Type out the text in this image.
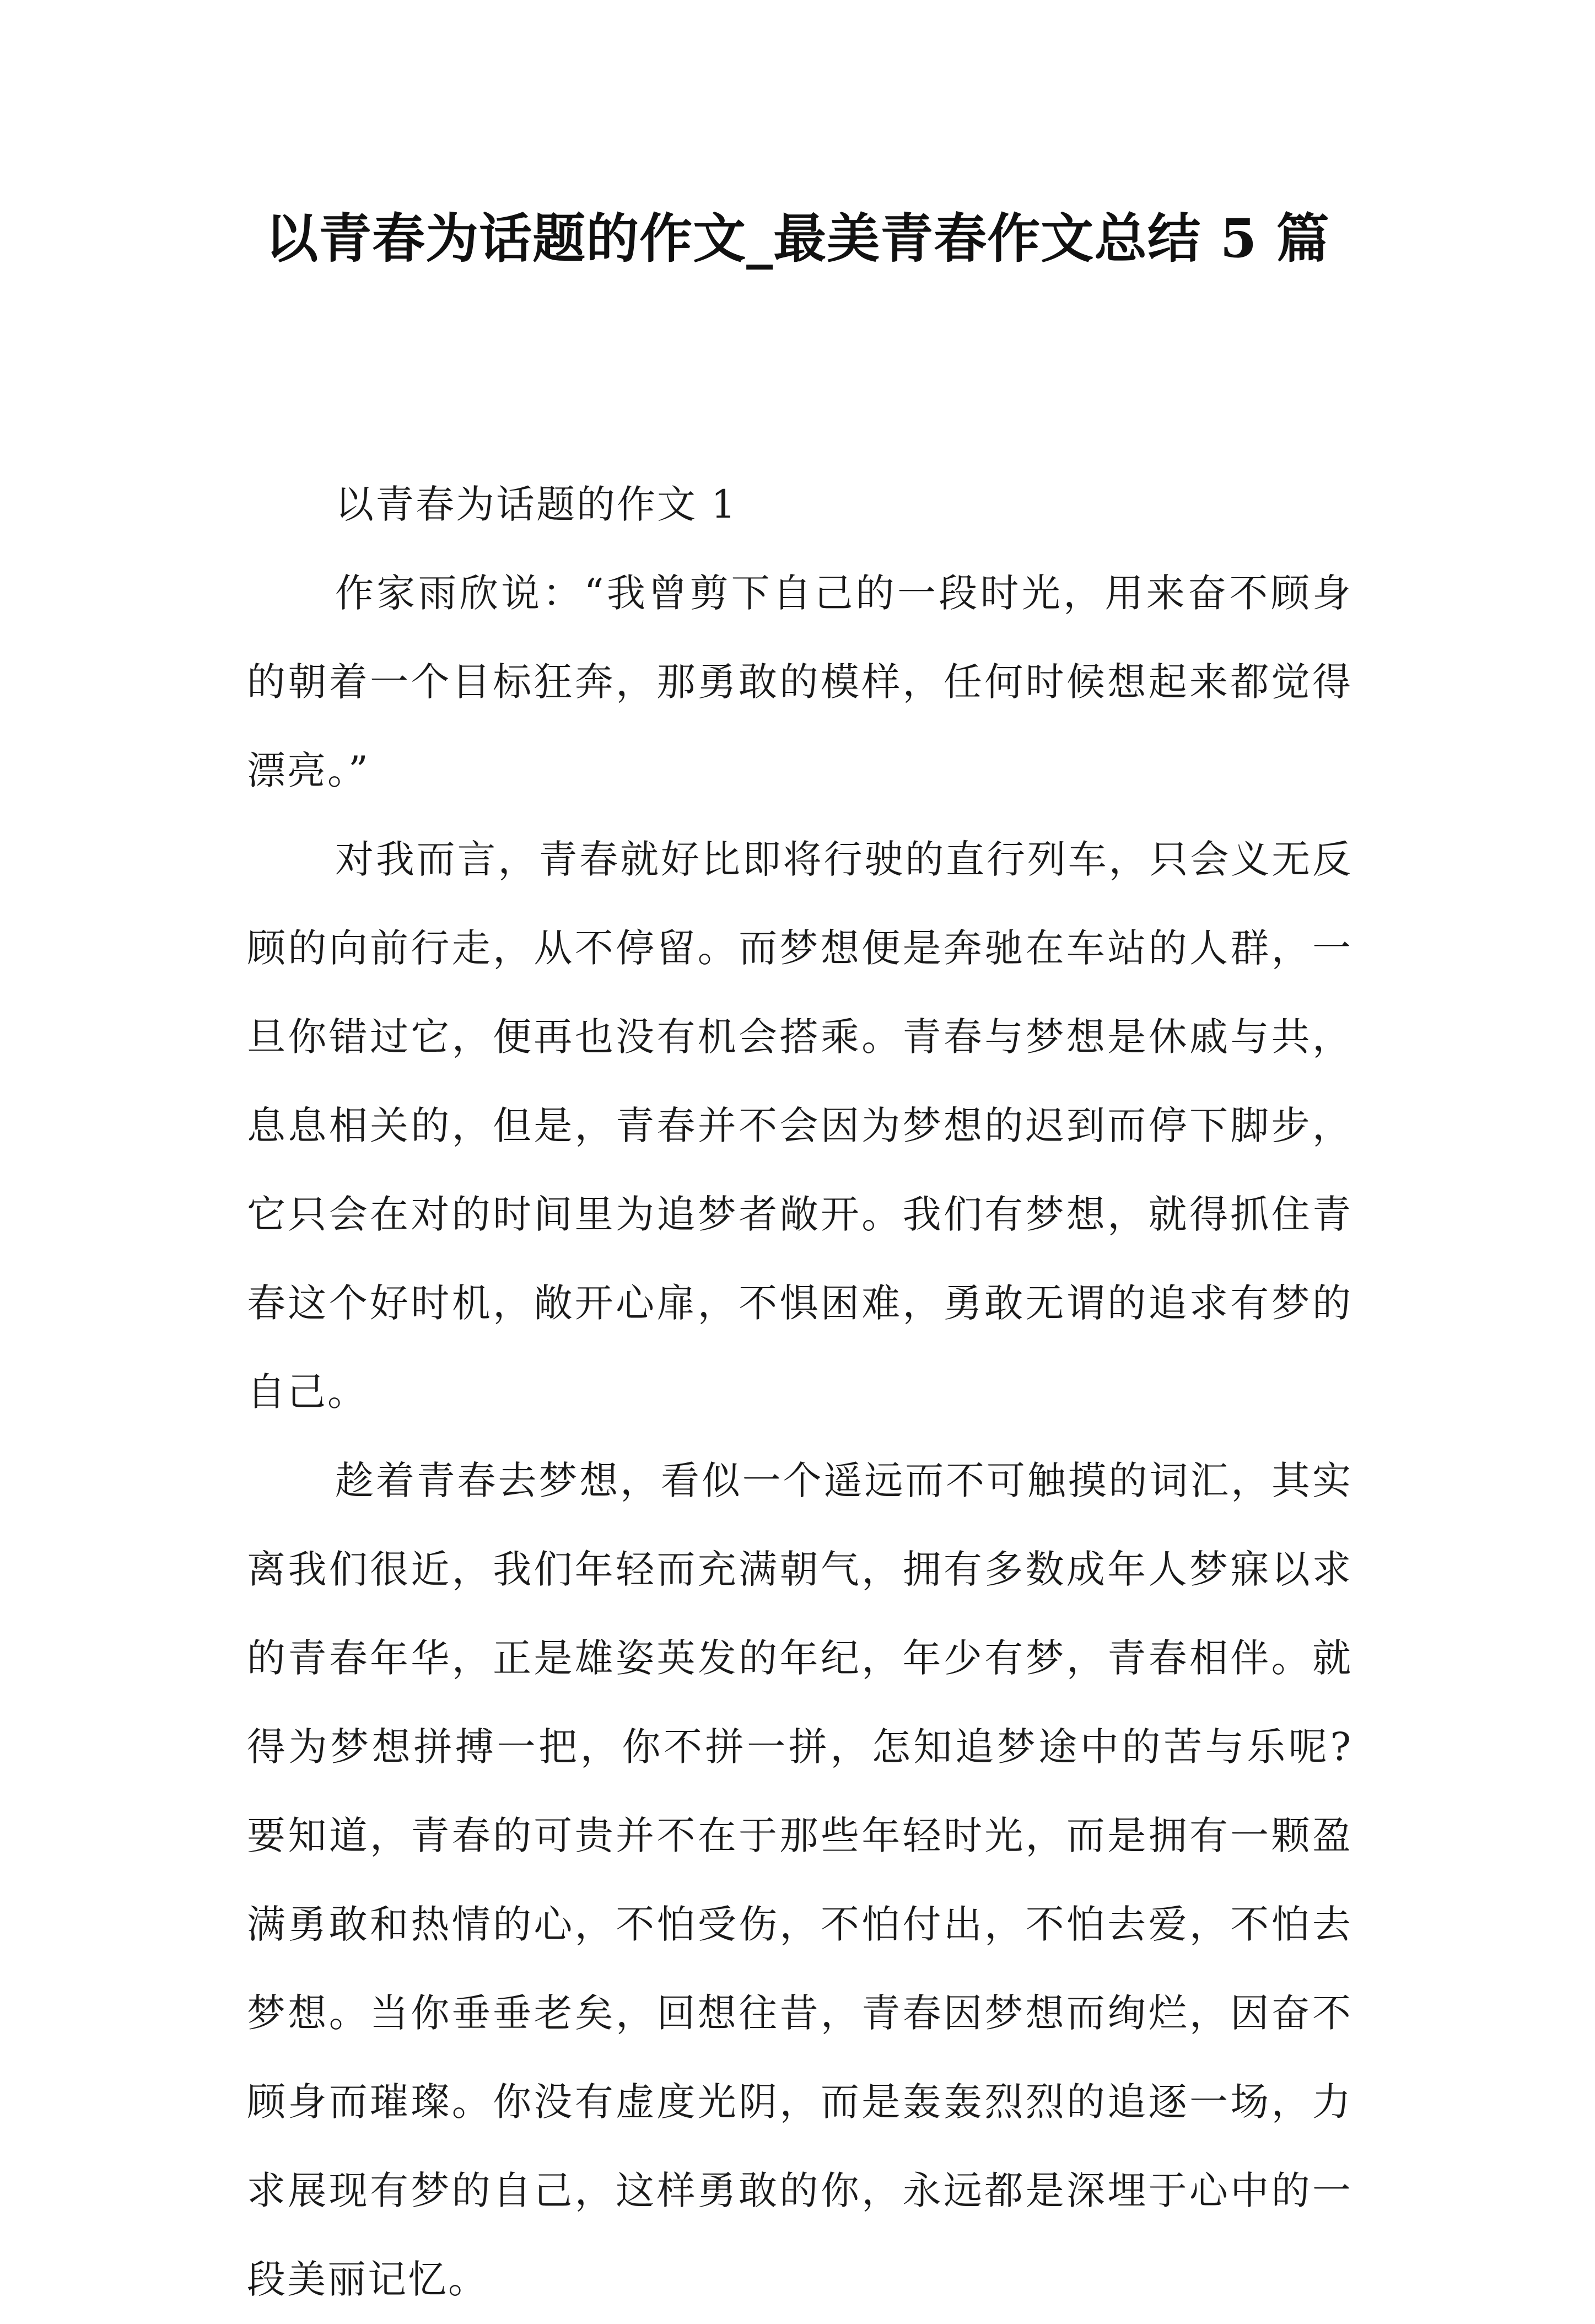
以青春为话题的作文_最美青春作文总结 5 篇

以青春为话题的作文 1

作家雨欣说：“我曾剪下自己的一段时光，用来奋不顾身的朝着一个目标狂奔，那勇敢的模样，任何时候想起来都觉得漂亮。”

对我而言，青春就好比即将行驶的直行列车，只会义无反顾的向前行走，从不停留。而梦想便是奔驰在车站的人群，一旦你错过它，便再也没有机会搭乘。青春与梦想是休戚与共，息息相关的，但是，青春并不会因为梦想的迟到而停下脚步，它只会在对的时间里为追梦者敞开。我们有梦想，就得抓住青春这个好时机，敞开心扉，不惧困难，勇敢无谓的追求有梦的自己。

趁着青春去梦想，看似一个遥远而不可触摸的词汇，其实离我们很近，我们年轻而充满朝气，拥有多数成年人梦寐以求的青春年华，正是雄姿英发的年纪，年少有梦，青春相伴。就得为梦想拼搏一把，你不拼一拼，怎知追梦途中的苦与乐呢?要知道，青春的可贵并不在于那些年轻时光，而是拥有一颗盈满勇敢和热情的心，不怕受伤，不怕付出，不怕去爱，不怕去梦想。当你垂垂老矣，回想往昔，青春因梦想而绚烂，因奋不顾身而璀璨。你没有虚度光阴，而是轰轰烈烈的追逐一场，力求展现有梦的自己，这样勇敢的你，永远都是深埋于心中的一段美丽记忆。
